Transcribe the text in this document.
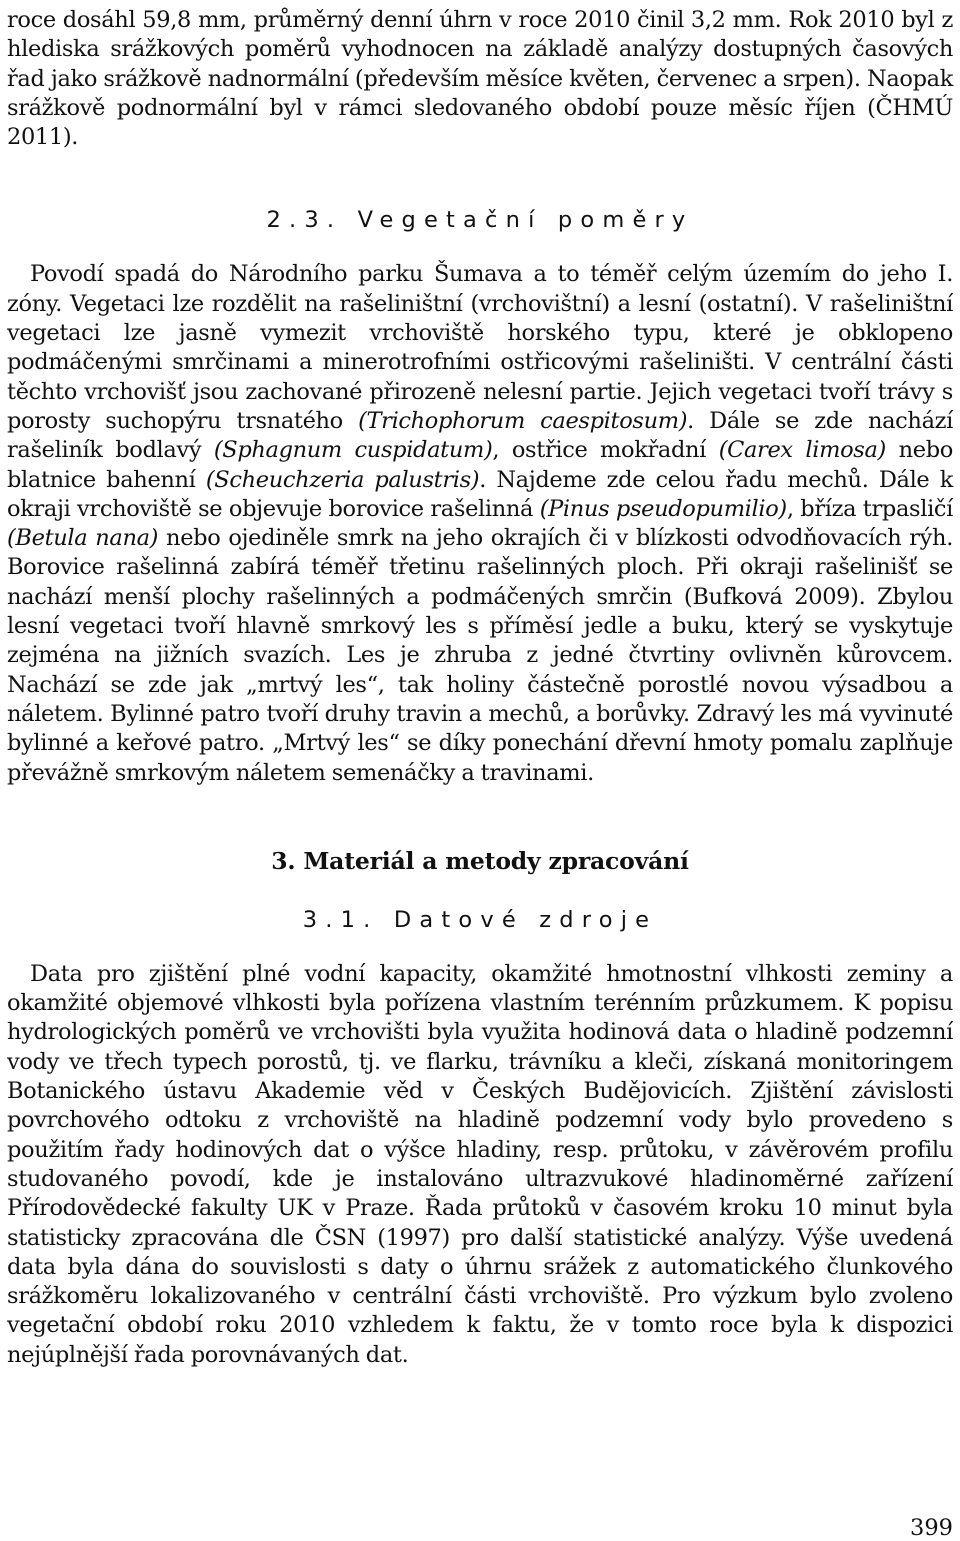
roce dosáhl 59,8 mm, průměrný denní úhrn v roce 2010 činil 3,2 mm. Rok 2010 byl z hlediska srážkových poměrů vyhodnocen na základě analýzy dostupných časových řad jako srážkově nadnormální (především měsíce květen, červenec a srpen). Naopak srážkově podnormální byl v rámci sledovaného období pouze měsíc říjen (ČHMÚ 2011).

2.3. Vegetační poměry

Povodí spadá do Národního parku Šumava a to téměř celým územím do jeho I. zóny. Vegetaci lze rozdělit na rašeliništní (vrchovištní) a lesní (ostatní). V rašeliništní vegetaci lze jasně vymezit vrchoviště horského typu, které je obklopeno podmáčenými smrčinami a minerotrofními ostřicovými rašeliništi. V centrální části těchto vrchovišť jsou zachované přirozeně nelesní partie. Jejich vegetaci tvoří trávy s porosty suchopýru trsnatého (Trichophorum caespitosum). Dále se zde nachází rašeliník bodlavý (Sphagnum cuspidatum), ostřice mokřadní (Carex limosa) nebo blatnice bahenní (Scheuchzeria palustris). Najdeme zde celou řadu mechů. Dále k okraji vrchoviště se objevuje borovice rašelinná (Pinus pseudopumilio), bříza trpasličí (Betula nana) nebo ojediněle smrk na jeho okrajích či v blízkosti odvodňovacích rýh. Borovice rašelinná zabírá téměř třetinu rašelinných ploch. Při okraji rašelinišť se nachází menší plochy rašelinných a podmáčených smrčin (Bufková 2009). Zbylou lesní vegetaci tvoří hlavně smrkový les s příměsí jedle a buku, který se vyskytuje zejména na jižních svazích. Les je zhruba z jedné čtvrtiny ovlivněn kůrovcem. Nachází se zde jak „mrtvý les“, tak holiny částečně porostlé novou výsadbou a náletem. Bylinné patro tvoří druhy travin a mechů, a borůvky. Zdravý les má vyvinuté bylinné a keřové patro. „Mrtvý les“ se díky ponechání dřevní hmoty pomalu zaplňuje převážně smrkovým náletem semenáčky a travinami.

3. Materiál a metody zpracování

3.1. Datové zdroje

Data pro zjištění plné vodní kapacity, okamžité hmotnostní vlhkosti zeminy a okamžité objemové vlhkosti byla pořízena vlastním terénním průzkumem. K popisu hydrologických poměrů ve vrchovišti byla využita hodinová data o hladině podzemní vody ve třech typech porostů, tj. ve flarku, trávníku a kleči, získaná monitoringem Botanického ústavu Akademie věd v Českých Budějovicích. Zjištění závislosti povrchového odtoku z vrchoviště na hladině podzemní vody bylo provedeno s použitím řady hodinových dat o výšce hladiny, resp. průtoku, v závěrovém profilu studovaného povodí, kde je instalováno ultrazvukové hladinoměrné zařízení Přírodovědecké fakulty UK v Praze. Řada průtoků v časovém kroku 10 minut byla statisticky zpracována dle ČSN (1997) pro další statistické analýzy. Výše uvedená data byla dána do souvislosti s daty o úhrnu srážek z automatického člunkového srážkoměru lokalizovaného v centrální části vrchoviště. Pro výzkum bylo zvoleno vegetační období roku 2010 vzhledem k faktu, že v tomto roce byla k dispozici nejúplnější řada porovnávaných dat.

399
